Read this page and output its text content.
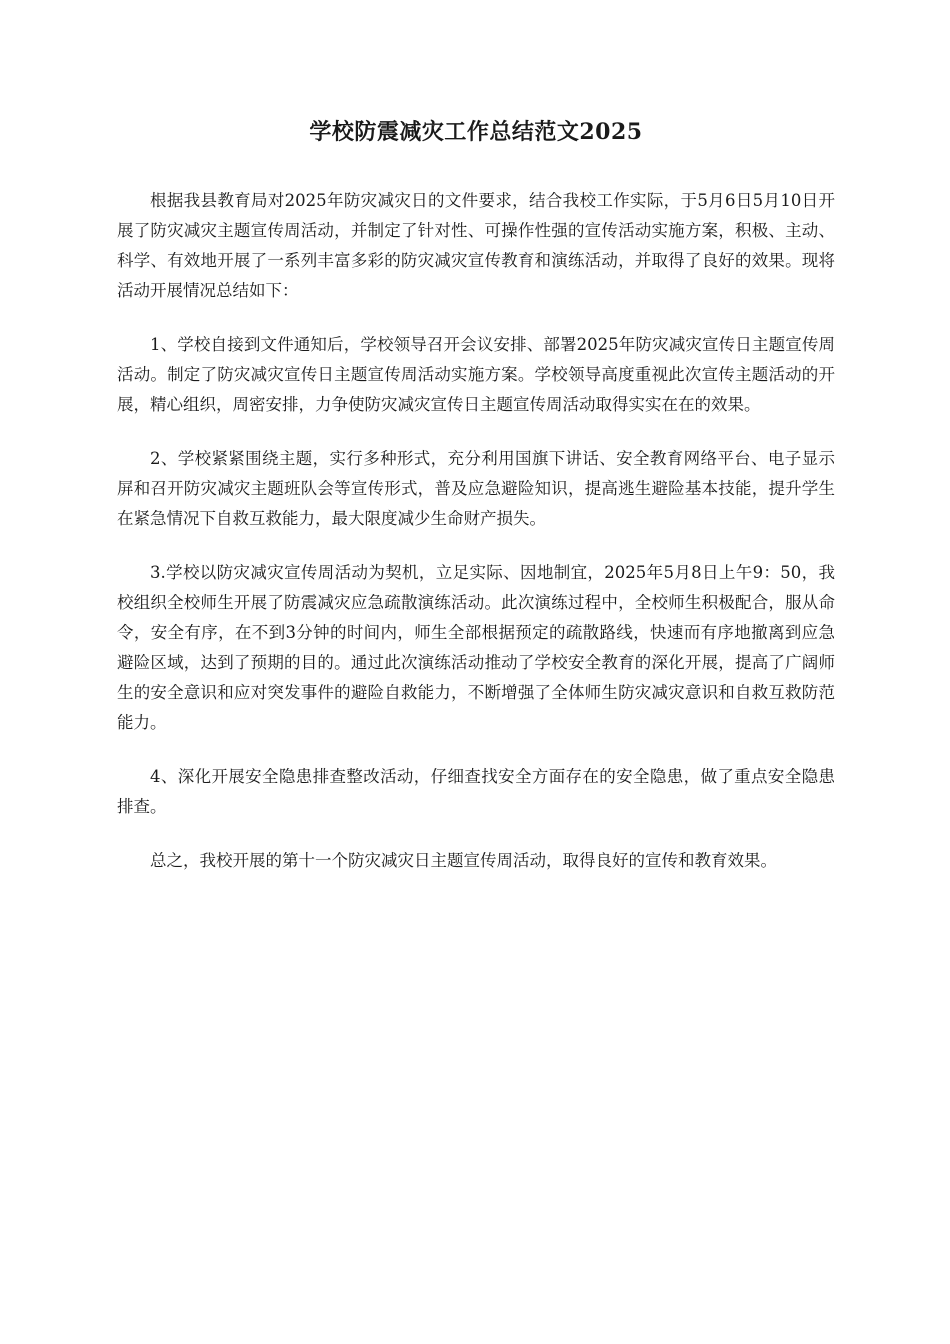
学校防震减灾工作总结范文2025

根据我县教育局对2025年防灾减灾日的文件要求，结合我校工作实际，于5月6日5月10日开展了防灾减灾主题宣传周活动，并制定了针对性、可操作性强的宣传活动实施方案，积极、主动、科学、有效地开展了一系列丰富多彩的防灾减灾宣传教育和演练活动，并取得了良好的效果。现将活动开展情况总结如下：

1、学校自接到文件通知后，学校领导召开会议安排、部署2025年防灾减灾宣传日主题宣传周活动。制定了防灾减灾宣传日主题宣传周活动实施方案。学校领导高度重视此次宣传主题活动的开展，精心组织，周密安排，力争使防灾减灾宣传日主题宣传周活动取得实实在在的效果。

2、学校紧紧围绕主题，实行多种形式，充分利用国旗下讲话、安全教育网络平台、电子显示屏和召开防灾减灾主题班队会等宣传形式，普及应急避险知识，提高逃生避险基本技能，提升学生在紧急情况下自救互救能力，最大限度减少生命财产损失。

3.学校以防灾减灾宣传周活动为契机，立足实际、因地制宜，2025年5月8日上午9：50，我校组织全校师生开展了防震减灾应急疏散演练活动。此次演练过程中，全校师生积极配合，服从命令，安全有序，在不到3分钟的时间内，师生全部根据预定的疏散路线，快速而有序地撤离到应急避险区域，达到了预期的目的。通过此次演练活动推动了学校安全教育的深化开展，提高了广阔师生的安全意识和应对突发事件的避险自救能力，不断增强了全体师生防灾减灾意识和自救互救防范能力。

4、深化开展安全隐患排查整改活动，仔细查找安全方面存在的安全隐患，做了重点安全隐患排查。

总之，我校开展的第十一个防灾减灾日主题宣传周活动，取得良好的宣传和教育效果。
